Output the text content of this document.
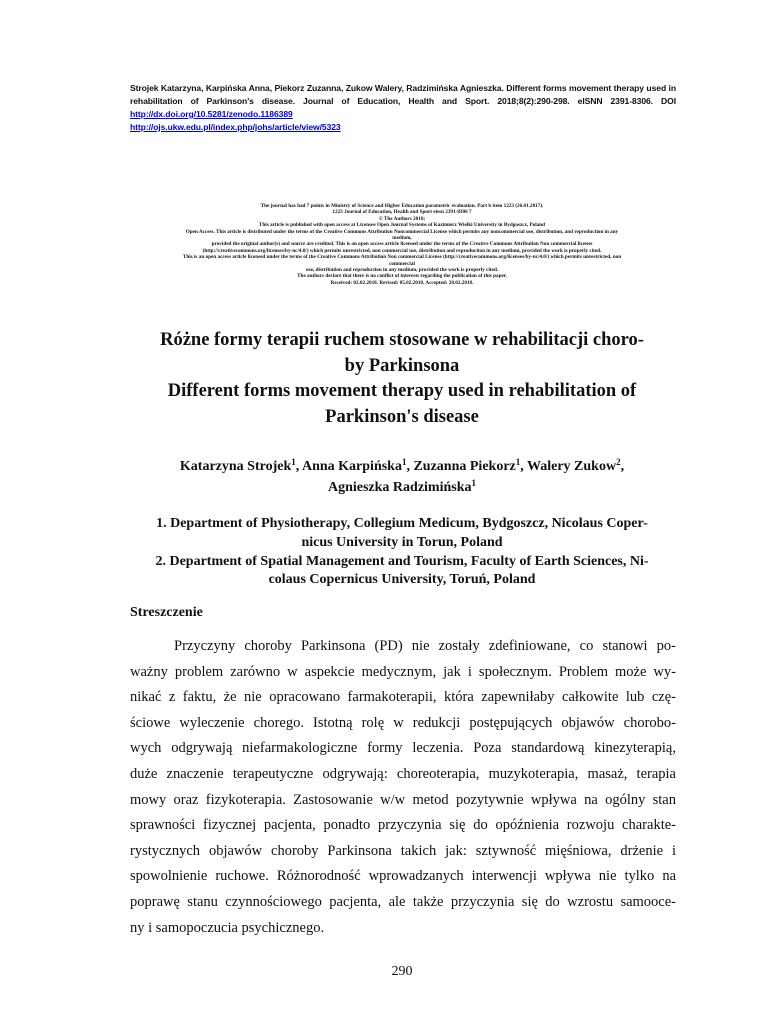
Strojek Katarzyna, Karpińska Anna, Piekorz Zuzanna, Zukow Walery, Radzimińska Agnieszka. Different forms movement therapy used in rehabilitation of Parkinson's disease. Journal of Education, Health and Sport. 2018;8(2):290-298. eISNN 2391-8306. DOI http://dx.doi.org/10.5281/zenodo.1186389
http://ojs.ukw.edu.pl/index.php/johs/article/view/5323
The journal has had 7 points in Ministry of Science and Higher Education parametric evaluation. Part b item 1223 (26.01.2017).
1223 Journal of Education, Health and Sport eissn 2391-8306 7
© The Authors 2018;
This article is published with open access at Licensee Open Journal Systems of Kazimierz Wielki University in Bydgoszcz, Poland
Open Access. This article is distributed under the terms of the Creative Commons Attribution Noncommercial License which permits any noncommercial use, distribution, and reproduction in any
medium,
provided the original author(s) and source are credited. This is an open access article licensed under the terms of the Creative Commons Attribution Non commercial license
(http://creativecommons.org/licenses/by-nc/4.0/) which permits unrestricted, non commercial use, distribution and reproduction in any medium, provided the work is properly cited.
This is an open access article licensed under the terms of the Creative Commons Attribution Non commercial License (http://creativecommons.org/licenses/by-nc/4.0/) which permits unrestricted, non
commercial
use, distribution and reproduction in any medium, provided the work is properly cited.
The authors declare that there is no conflict of interests regarding the publication of this paper.
Received: 02.02.2018. Revised: 05.02.2018. Accepted: 28.02.2018.
Różne formy terapii ruchem stosowane w rehabilitacji choro-
by Parkinsona
Different forms movement therapy used in rehabilitation of
Parkinson's disease
Katarzyna Strojek$^1$, Anna Karpińska$^1$, Zuzanna Piekorz$^1$, Walery Zukow$^2$,
Agnieszka Radzimińska$^1$
1. Department of Physiotherapy, Collegium Medicum, Bydgoszcz, Nicolaus Coper-
nicus University in Torun, Poland
2. Department of Spatial Management and Tourism, Faculty of Earth Sciences, Ni-
colaus Copernicus University, Toruń, Poland
Streszczenie
Przyczyny choroby Parkinsona (PD) nie zostały zdefiniowane, co stanowi po-
ważny problem zarówno w aspekcie medycznym, jak i społecznym. Problem może wy-
nikać z faktu, że nie opracowano farmakoterapii, która zapewniłaby całkowite lub czę-
ściowe wyleczenie chorego. Istotną rolę w redukcji postępujących objawów chorobo-
wych odgrywają niefarmakologiczne formy leczenia. Poza standardową kinezyterapią,
duże znaczenie terapeutyczne odgrywają: choreoterapia, muzykoterapia, masaż, terapia
mowy oraz fizykoterapia. Zastosowanie w/w metod pozytywnie wpływa na ogólny stan
sprawności fizycznej pacjenta, ponadto przyczynia się do opóźnienia rozwoju charakte-
rystycznych objawów choroby Parkinsona takich jak: sztywność mięśniowa, drżenie i
spowolnienie ruchowe. Różnorodność wprowadzanych interwencji wpływa nie tylko na
poprawę stanu czynnościowego pacjenta, ale także przyczynia się do wzrostu samooce-
ny i samopoczucia psychicznego.
290
